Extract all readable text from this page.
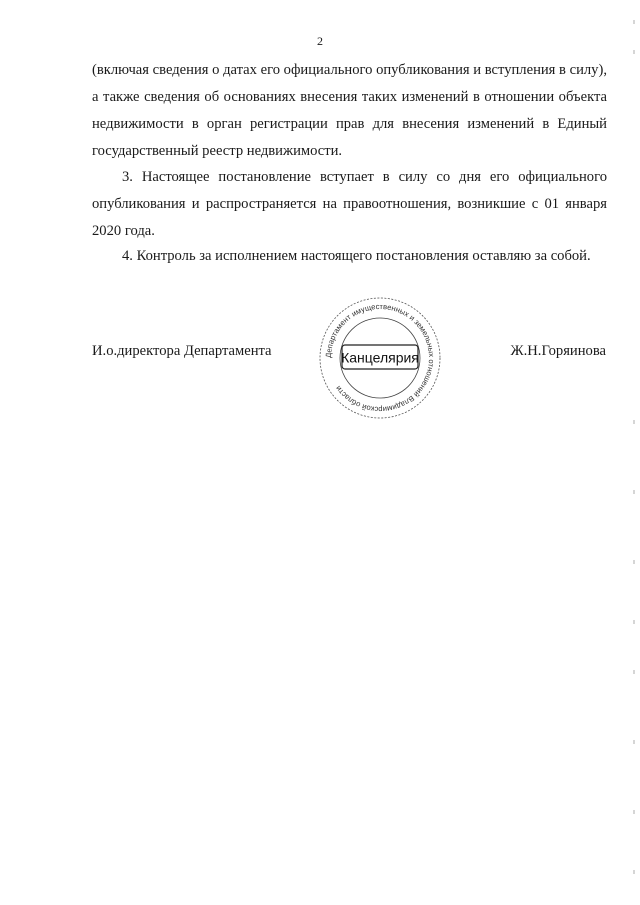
2

(включая сведения о датах его официального опубликования и вступления в силу), а также сведения об основаниях внесения таких изменений в отношении объекта недвижимости в орган регистрации прав для внесения изменений в Единый государственный реестр недвижимости.

3. Настоящее постановление вступает в силу со дня его официального опубликования и распространяется на правоотношения, возникшие с 01 января 2020 года.

4. Контроль за исполнением настоящего постановления оставляю за собой.

И.о.директора Департамента	Ж.Н.Горяинова
Департамент имущественных и земельных отношений Владимирской области
Канцелярия
